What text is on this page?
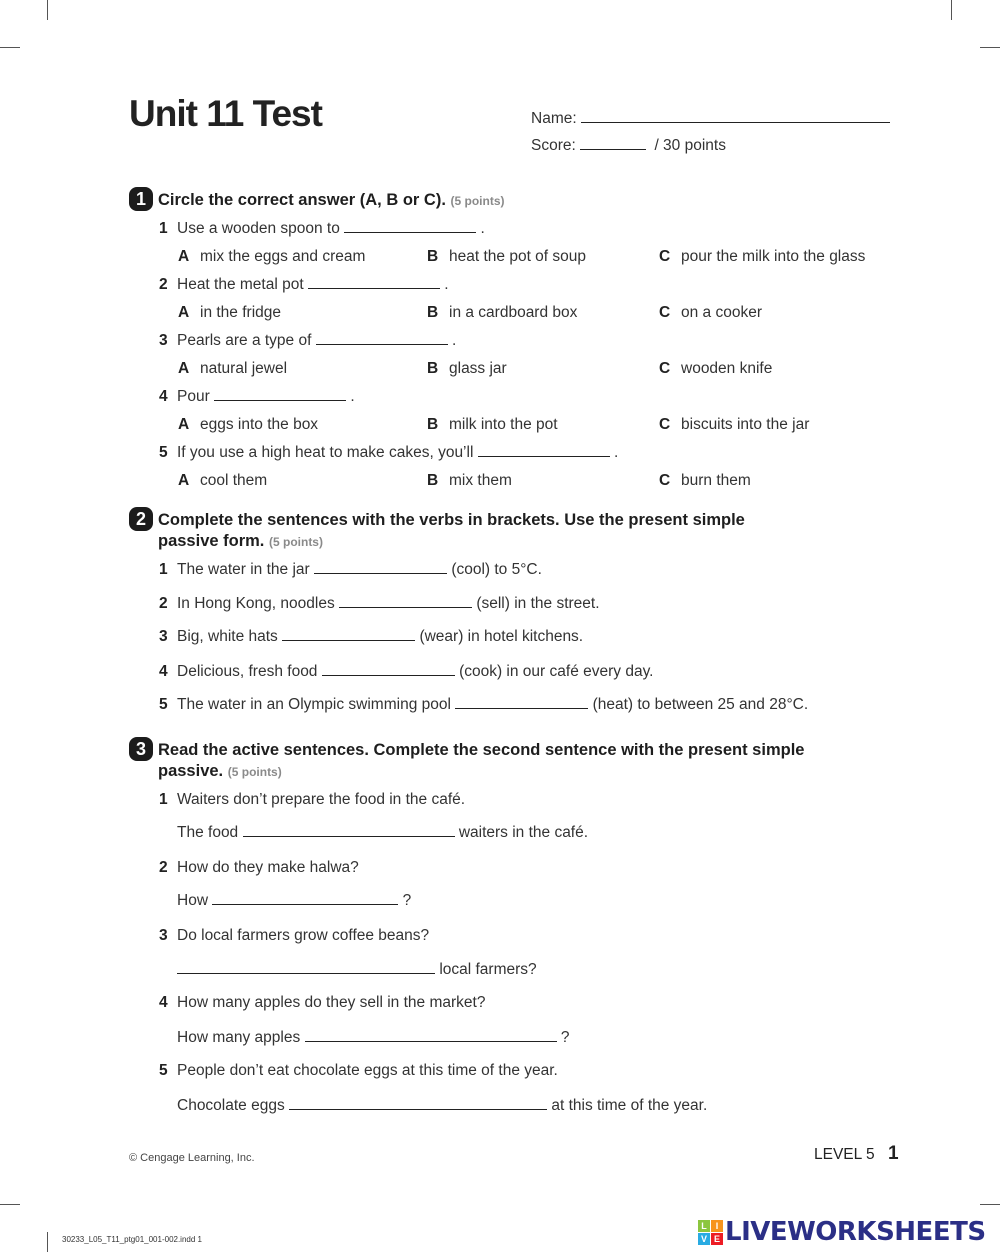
Unit 11 Test	Name:
Score:	/ 30 points
1 Circle the correct answer (A, B or C). (5 points)
1 Use a wooden spoon to	.
A mix the eggs and cream	B heat the pot of soup	C pour the milk into the glass
2 Heat the metal pot	.
A in the fridge	B in a cardboard box	C on a cooker
3 Pearls are a type of	.
A natural jewel	B glass jar	C wooden knife
4 Pour	.
A eggs into the box	B milk into the pot	C biscuits into the jar
5 If you use a high heat to make cakes, you’ll	.
A cool them	B mix them	C burn them
2 Complete the sentences with the verbs in brackets. Use the present simple
passive form. (5 points)
1 The water in the jar	(cool) to 5°C.
2 In Hong Kong, noodles	(sell) in the street.
3 Big, white hats	(wear) in hotel kitchens.
4 Delicious, fresh food	(cook) in our café every day.
5 The water in an Olympic swimming pool	(heat) to between 25 and 28°C.
3 Read the active sentences. Complete the second sentence with the present simple
passive. (5 points)
1 Waiters don’t prepare the food in the café.
The food	waiters in the café.
2 How do they make halwa?
How	?
3 Do local farmers grow coffee beans?
local farmers?
4 How many apples do they sell in the market?
How many apples	?
5 People don’t eat chocolate eggs at this time of the year.
Chocolate eggs	at this time of the year.
© Cengage Learning, Inc.	LEVEL 5 1
30233_L05_T11_ptg01_001-002.indd 1
L I
V E LIVEWORKSHEETS
